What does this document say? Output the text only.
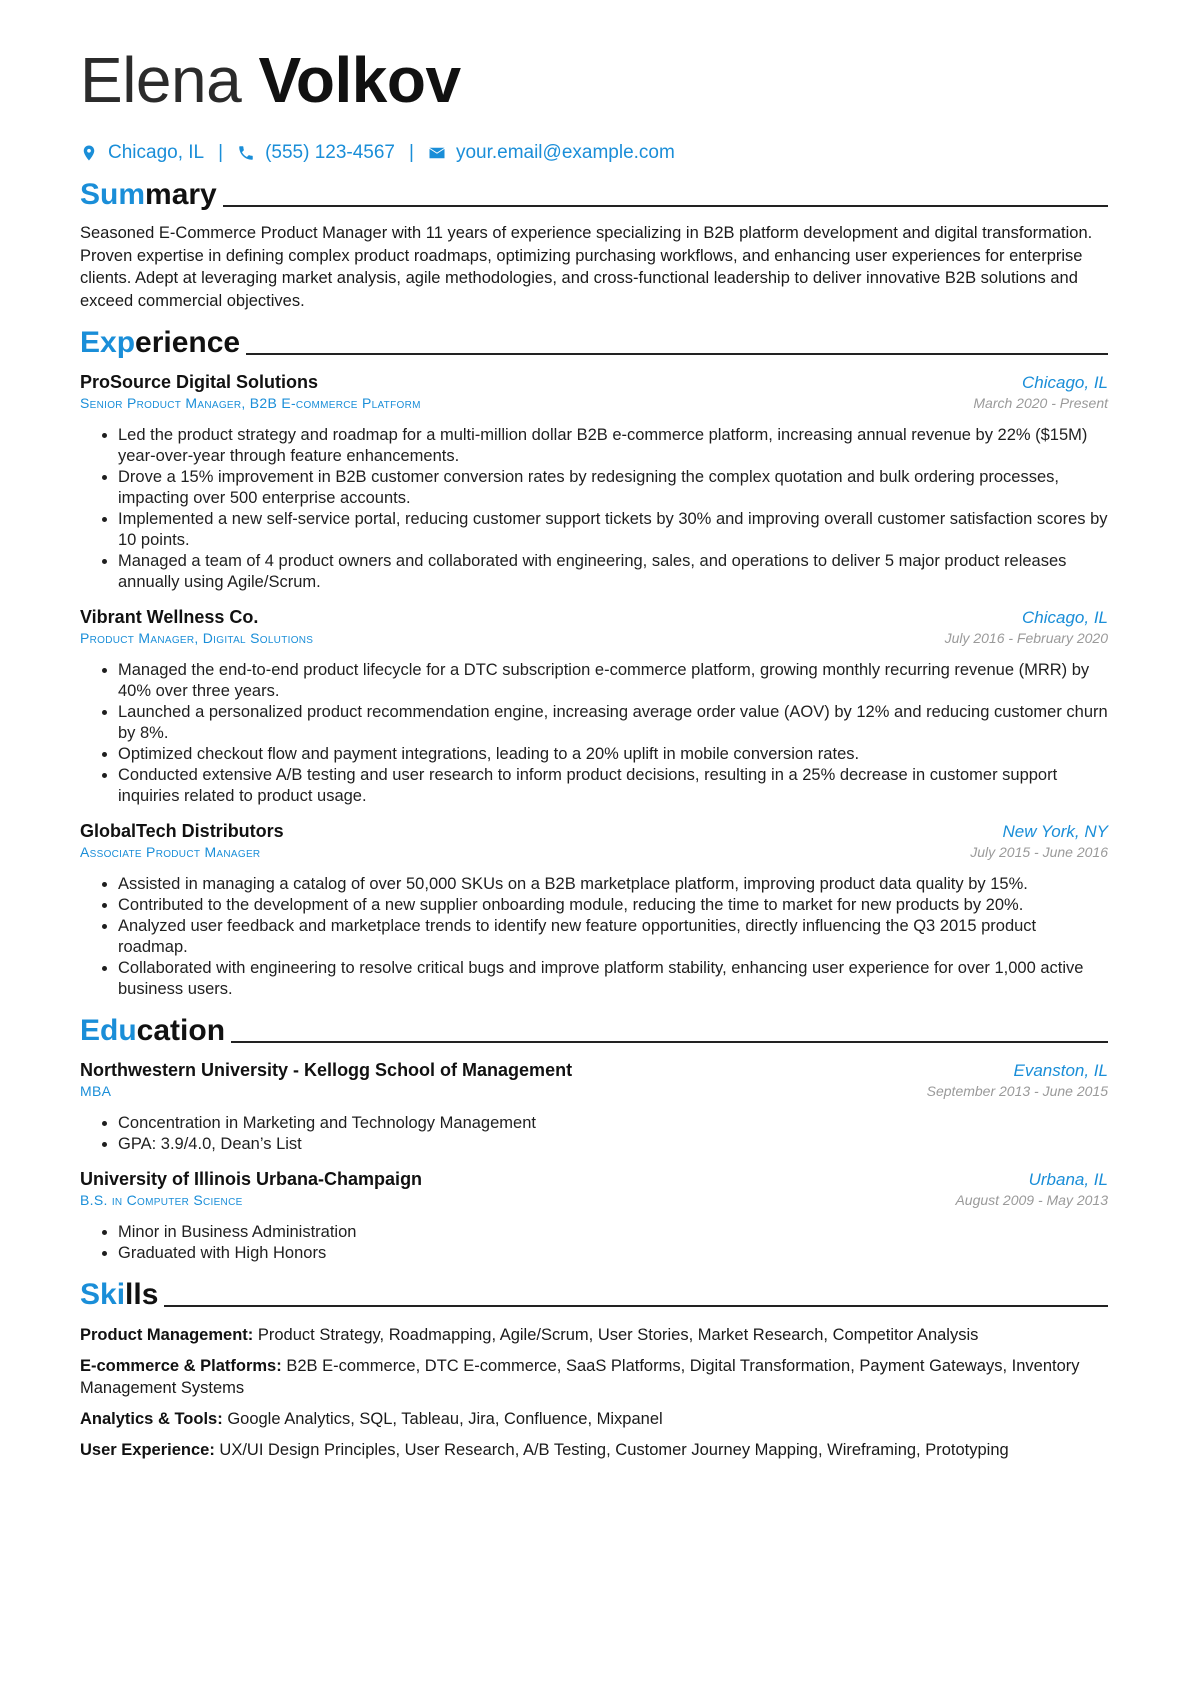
Elena Volkov
Chicago, IL | (555) 123-4567 | your.email@example.com
Summary
Seasoned E-Commerce Product Manager with 11 years of experience specializing in B2B platform development and digital transformation. Proven expertise in defining complex product roadmaps, optimizing purchasing workflows, and enhancing user experiences for enterprise clients. Adept at leveraging market analysis, agile methodologies, and cross-functional leadership to deliver innovative B2B solutions and exceed commercial objectives.
Experience
ProSource Digital Solutions	Chicago, IL
Senior Product Manager, B2B E-commerce Platform	March 2020 - Present
• Led the product strategy and roadmap for a multi-million dollar B2B e-commerce platform, increasing annual revenue by 22% ($15M) year-over-year through feature enhancements.
• Drove a 15% improvement in B2B customer conversion rates by redesigning the complex quotation and bulk ordering processes, impacting over 500 enterprise accounts.
• Implemented a new self-service portal, reducing customer support tickets by 30% and improving overall customer satisfaction scores by 10 points.
• Managed a team of 4 product owners and collaborated with engineering, sales, and operations to deliver 5 major product releases annually using Agile/Scrum.
Vibrant Wellness Co.	Chicago, IL
Product Manager, Digital Solutions	July 2016 - February 2020
• Managed the end-to-end product lifecycle for a DTC subscription e-commerce platform, growing monthly recurring revenue (MRR) by 40% over three years.
• Launched a personalized product recommendation engine, increasing average order value (AOV) by 12% and reducing customer churn by 8%.
• Optimized checkout flow and payment integrations, leading to a 20% uplift in mobile conversion rates.
• Conducted extensive A/B testing and user research to inform product decisions, resulting in a 25% decrease in customer support inquiries related to product usage.
GlobalTech Distributors	New York, NY
Associate Product Manager	July 2015 - June 2016
• Assisted in managing a catalog of over 50,000 SKUs on a B2B marketplace platform, improving product data quality by 15%.
• Contributed to the development of a new supplier onboarding module, reducing the time to market for new products by 20%.
• Analyzed user feedback and marketplace trends to identify new feature opportunities, directly influencing the Q3 2015 product roadmap.
• Collaborated with engineering to resolve critical bugs and improve platform stability, enhancing user experience for over 1,000 active business users.
Education
Northwestern University - Kellogg School of Management	Evanston, IL
MBA	September 2013 - June 2015
• Concentration in Marketing and Technology Management
• GPA: 3.9/4.0, Dean’s List
University of Illinois Urbana-Champaign	Urbana, IL
B.S. in Computer Science	August 2009 - May 2013
• Minor in Business Administration
• Graduated with High Honors
Skills
Product Management: Product Strategy, Roadmapping, Agile/Scrum, User Stories, Market Research, Competitor Analysis
E-commerce & Platforms: B2B E-commerce, DTC E-commerce, SaaS Platforms, Digital Transformation, Payment Gateways, Inventory Management Systems
Analytics & Tools: Google Analytics, SQL, Tableau, Jira, Confluence, Mixpanel
User Experience: UX/UI Design Principles, User Research, A/B Testing, Customer Journey Mapping, Wireframing, Prototyping
